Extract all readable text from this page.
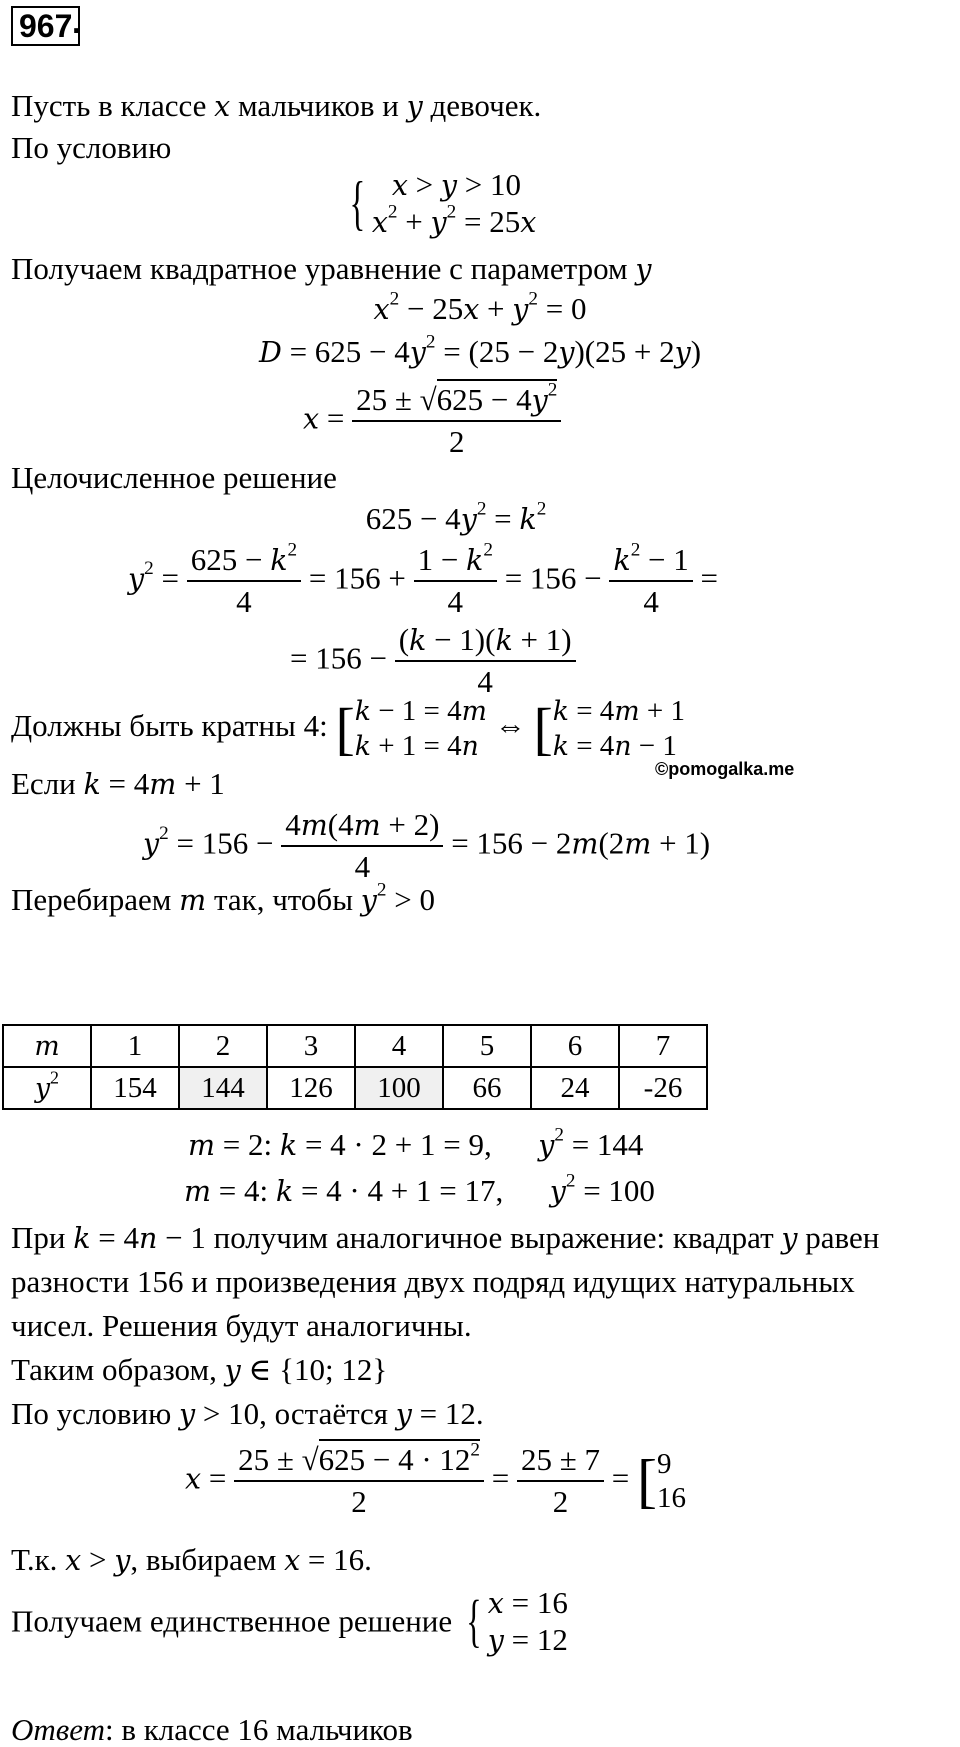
967 .
Пусть в классе x мальчиков и y девочек.
По условию
{ x > y > 10
$x^2 + y^2 = 25x$
Получаем квадратное уравнение с параметром y
$x^2 - 25x + y^2 = 0$
$D = 625 - 4y^2 = (25 - 2y)(25 + 2y)$
$x = \frac{25 \pm √625 - 4y^2}{2}$
Целочисленное решение
$625 - 4y^2 = k^2$
$y^2 = \frac{625 - k^2}{4} = 156 + \frac{1 - k^2}{4} = 156 - \frac{k^2 - 1}{4}$ =
= $156 - \frac{(k - 1)(k + 1)}{4}$
Должны быть кратны 4: [ k − 1 = 4m
k + 1 = 4n
⇔ [ k = 4m + 1
k = 4n − 1
©pomogalka.me
Если k = 4m + 1
$y^2 = 156 - \frac{4m(4m + 2)}{4} = 156 - 2m(2m + 1)$
Перебираем m так, чтобы $y^2 > 0$
m	1	2	3	4	5	6	7
$y^2$	154	144	126	100	66	24	-26
m = 2: k = 4 · 2 + 1 = 9,      $y^2 = 144$
m = 4: k = 4 · 4 + 1 = 17,      $y^2 = 100$
При k = 4n − 1 получим аналогичное выражение: квадрат y равен
разности 156 и произведения двух подряд идущих натуральных
чисел. Решения будут аналогичны.
Таким образом, y ∈ {10; 12}
По условию y > 10, остаётся y = 12.
$x = \frac{25 \pm √625 - 4 \cdot 12^2}{2} = \frac{25 \pm 7}{2}$ = [ 9
16
Т.к. x > y, выбираем x = 16.
Получаем единственное решение { x = 16
y = 12
Ответ: в классе 16 мальчиков
